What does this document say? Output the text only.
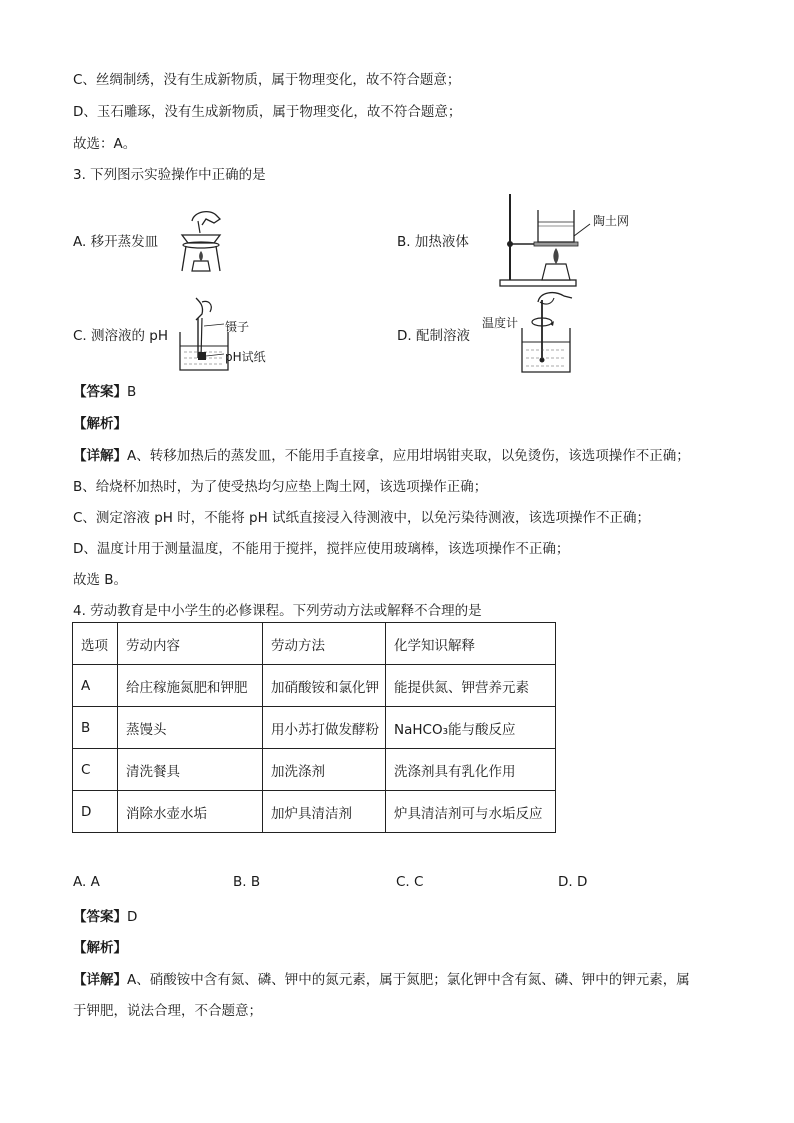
C、丝绸制绣，没有生成新物质，属于物理变化，故不符合题意；
D、玉石雕琢，没有生成新物质，属于物理变化，故不符合题意；
故选：A。
3. 下列图示实验操作中正确的是
A. 移开蒸发皿	B. 加热液体
陶土网
C. 测溶液的 pH
镊子
pH试纸
D. 配制溶液
温度计
【答案】B
【解析】
【详解】A、转移加热后的蒸发皿，不能用手直接拿，应用坩埚钳夹取，以免烫伤，该选项操作不正确；
B、给烧杯加热时，为了使受热均匀应垫上陶土网，该选项操作正确；
C、测定溶液 pH 时，不能将 pH 试纸直接浸入待测液中，以免污染待测液，该选项操作不正确；
D、温度计用于测量温度，不能用于搅拌，搅拌应使用玻璃棒，该选项操作不正确；
故选 B。
4. 劳动教育是中小学生的必修课程。下列劳动方法或解释不合理的是
选项	劳动内容	劳动方法	化学知识解释
A	给庄稼施氮肥和钾肥	加硝酸铵和氯化钾	能提供氮、钾营养元素
B	蒸馒头	用小苏打做发酵粉	NaHCO₃能与酸反应
C	清洗餐具	加洗涤剂	洗涤剂具有乳化作用
D	消除水壶水垢	加炉具清洁剂	炉具清洁剂可与水垢反应
A. A	B. B	C. C	D. D
【答案】D
【解析】
【详解】A、硝酸铵中含有氮、磷、钾中的氮元素，属于氮肥；氯化钾中含有氮、磷、钾中的钾元素，属
于钾肥，说法合理，不合题意；
